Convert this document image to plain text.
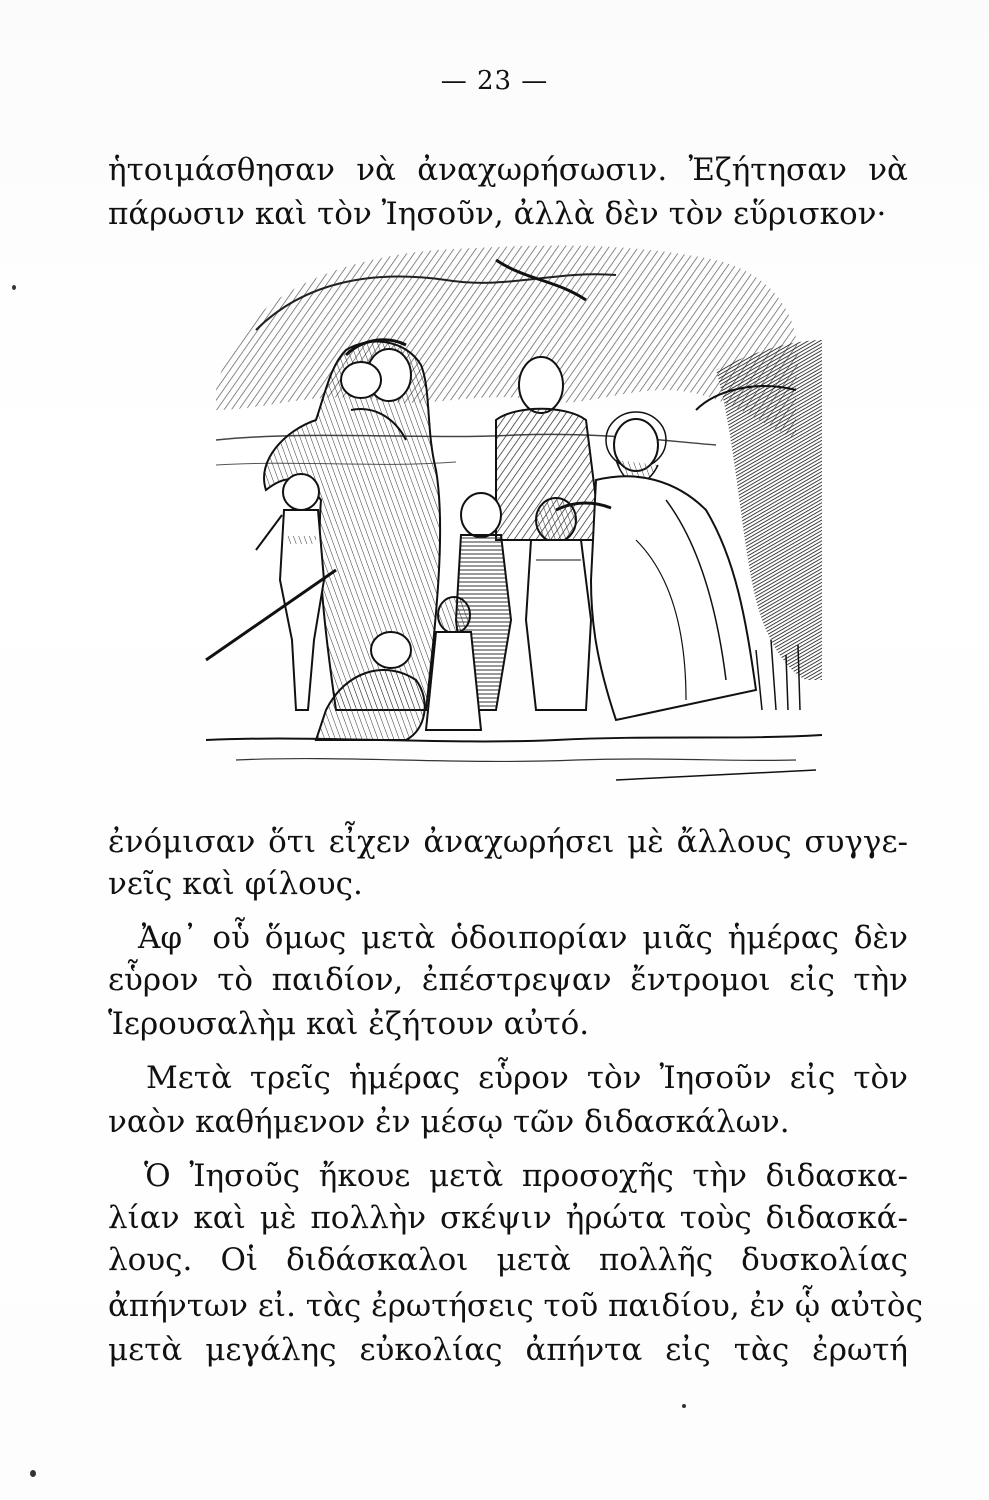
— 23 —
ἡτοιμάσθησαν νὰ ἀναχωρήσωσιν. Ἐζήτησαν νὰ
πάρωσιν καὶ τὸν Ἰησοῦν, ἀλλὰ δὲν τὸν εὕρισκον·
ἐνόμισαν ὅτι εἶχεν ἀναχωρήσει μὲ ἄλλους συγγε-
νεῖς καὶ φίλους.
Ἀφ᾽ οὗ ὅμως μετὰ ὁδοιπορίαν μιᾶς ἡμέρας δὲν
εὗρον τὸ παιδίον, ἐπέστρεψαν ἔντρομοι εἰς τὴν
Ἱερουσαλὴμ καὶ ἐζήτουν αὐτό.
Μετὰ τρεῖς ἡμέρας εὗρον τὸν Ἰησοῦν εἰς τὸν
ναὸν καθήμενον ἐν μέσῳ τῶν διδασκάλων.
Ὁ Ἰησοῦς ἤκουε μετὰ προσοχῆς τὴν διδασκα-
λίαν καὶ μὲ πολλὴν σκέψιν ἠρώτα τοὺς διδασκά-
λους. Οἱ διδάσκαλοι μετὰ πολλῆς δυσκολίας
ἀπήντων εἰ. τὰς ἐρωτήσεις τοῦ παιδίου, ἐν ᾧ αὐτὸς
μετὰ μεγάλης εὐκολίας ἀπήντα εἰς τὰς ἐρωτή
